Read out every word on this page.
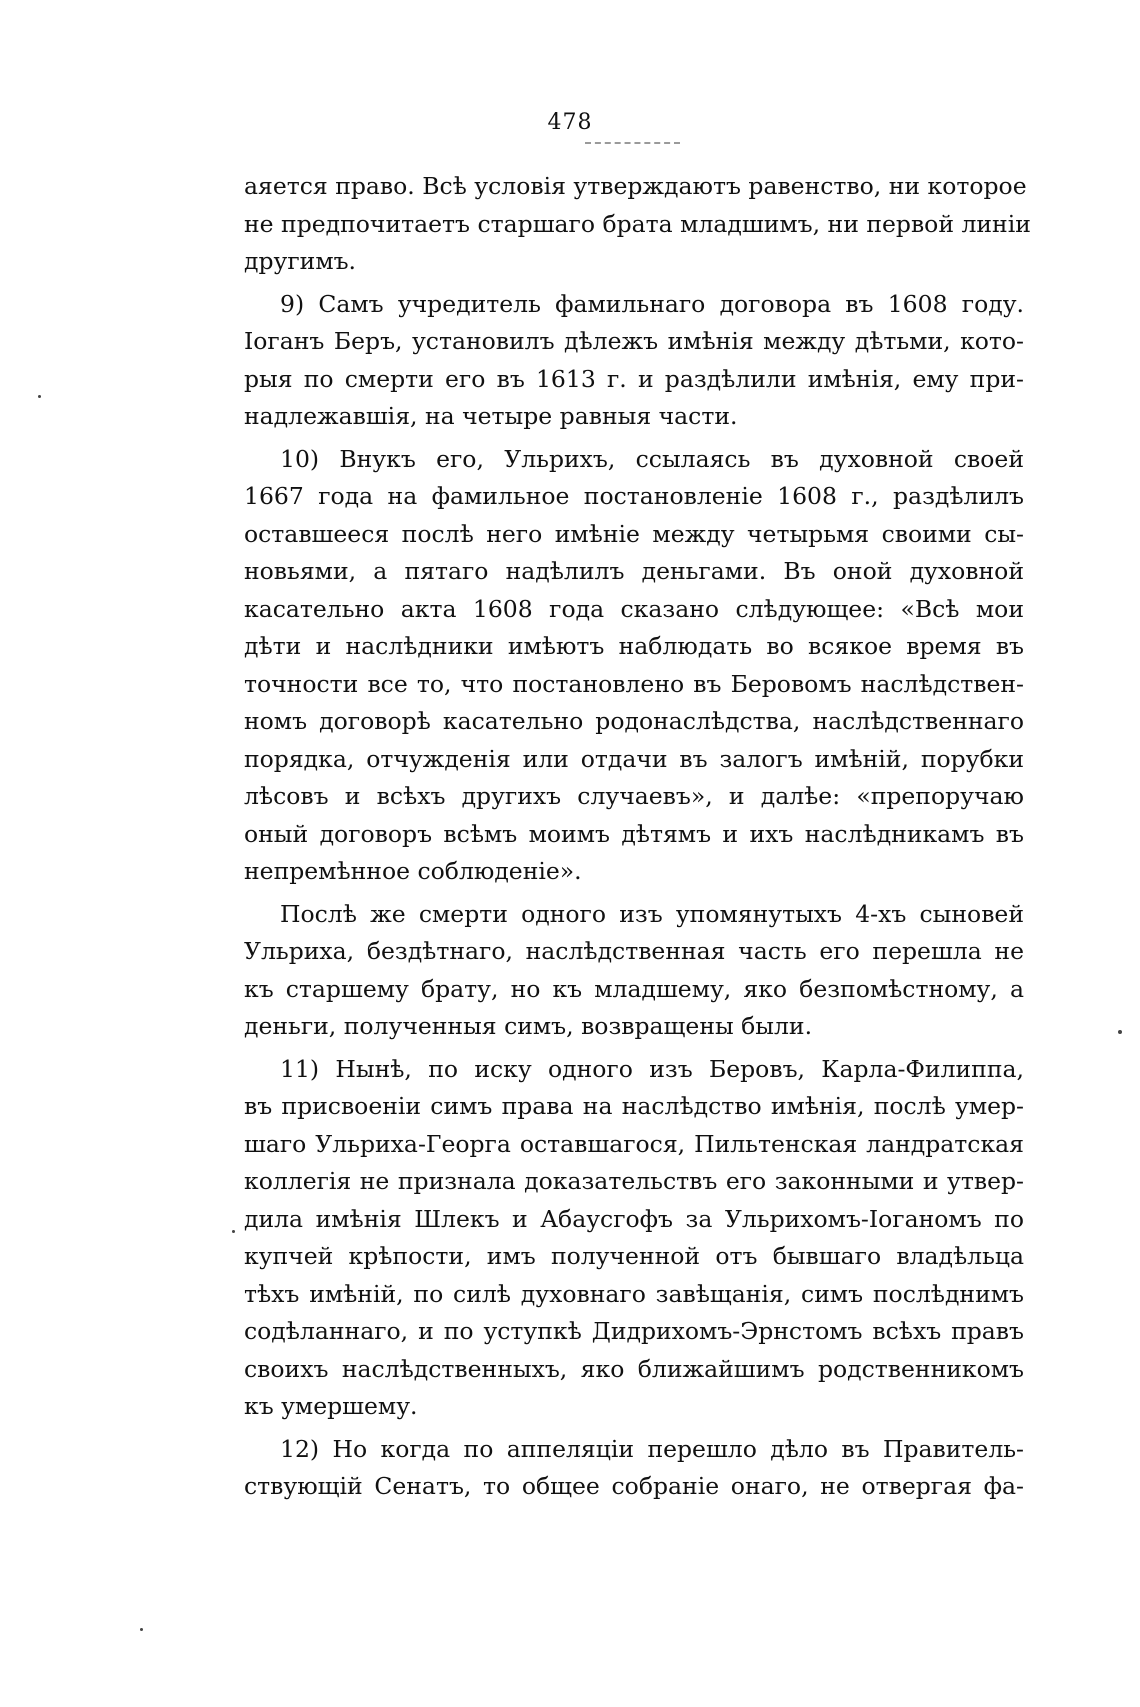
478
аяется право. Всѣ условія утверждаютъ равенство, ни которое
не предпочитаетъ старшаго брата младшимъ, ни первой линіи
другимъ.
9) Самъ учредитель фамильнаго договора въ 1608 году.
Іоганъ Беръ, установилъ дѣлежъ имѣнія между дѣтьми, кото-
рыя по смерти его въ 1613 г. и раздѣлили имѣнія, ему при-
надлежавшія, на четыре равныя части.
10) Внукъ его, Ульрихъ, ссылаясь въ духовной своей
1667 года на фамильное постановленіе 1608 г., раздѣлилъ
оставшееся послѣ него имѣніе между четырьмя своими сы-
новьями, а пятаго надѣлилъ деньгами. Въ оной духовной
касательно акта 1608 года сказано слѣдующее: «Всѣ мои
дѣти и наслѣдники имѣютъ наблюдать во всякое время въ
точности все то, что постановлено въ Беровомъ наслѣдствен-
номъ договорѣ касательно родонаслѣдства, наслѣдственнаго
порядка, отчужденія или отдачи въ залогъ имѣній, порубки
лѣсовъ и всѣхъ другихъ случаевъ», и далѣе: «препоручаю
оный договоръ всѣмъ моимъ дѣтямъ и ихъ наслѣдникамъ въ
непремѣнное соблюденіе».
Послѣ же смерти одного изъ упомянутыхъ 4-хъ сыновей
Ульриха, бездѣтнаго, наслѣдственная часть его перешла не
къ старшему брату, но къ младшему, яко безпомѣстному, а
деньги, полученныя симъ, возвращены были.
11) Нынѣ, по иску одного изъ Беровъ, Карла-Филиппа,
въ присвоеніи симъ права на наслѣдство имѣнія, послѣ умер-
шаго Ульриха-Георга оставшагося, Пильтенская ландратская
коллегія не признала доказательствъ его законными и утвер-
дила имѣнія Шлекъ и Абаусгофъ за Ульрихомъ-Іоганомъ по
купчей крѣпости, имъ полученной отъ бывшаго владѣльца
тѣхъ имѣній, по силѣ духовнаго завѣщанія, симъ послѣднимъ
содѣланнаго, и по уступкѣ Дидрихомъ-Эрнстомъ всѣхъ правъ
своихъ наслѣдственныхъ, яко ближайшимъ родственникомъ
къ умершему.
12) Но когда по аппеляціи перешло дѣло въ Правитель-
ствующій Сенатъ, то общее собраніе онаго, не отвергая фа-
